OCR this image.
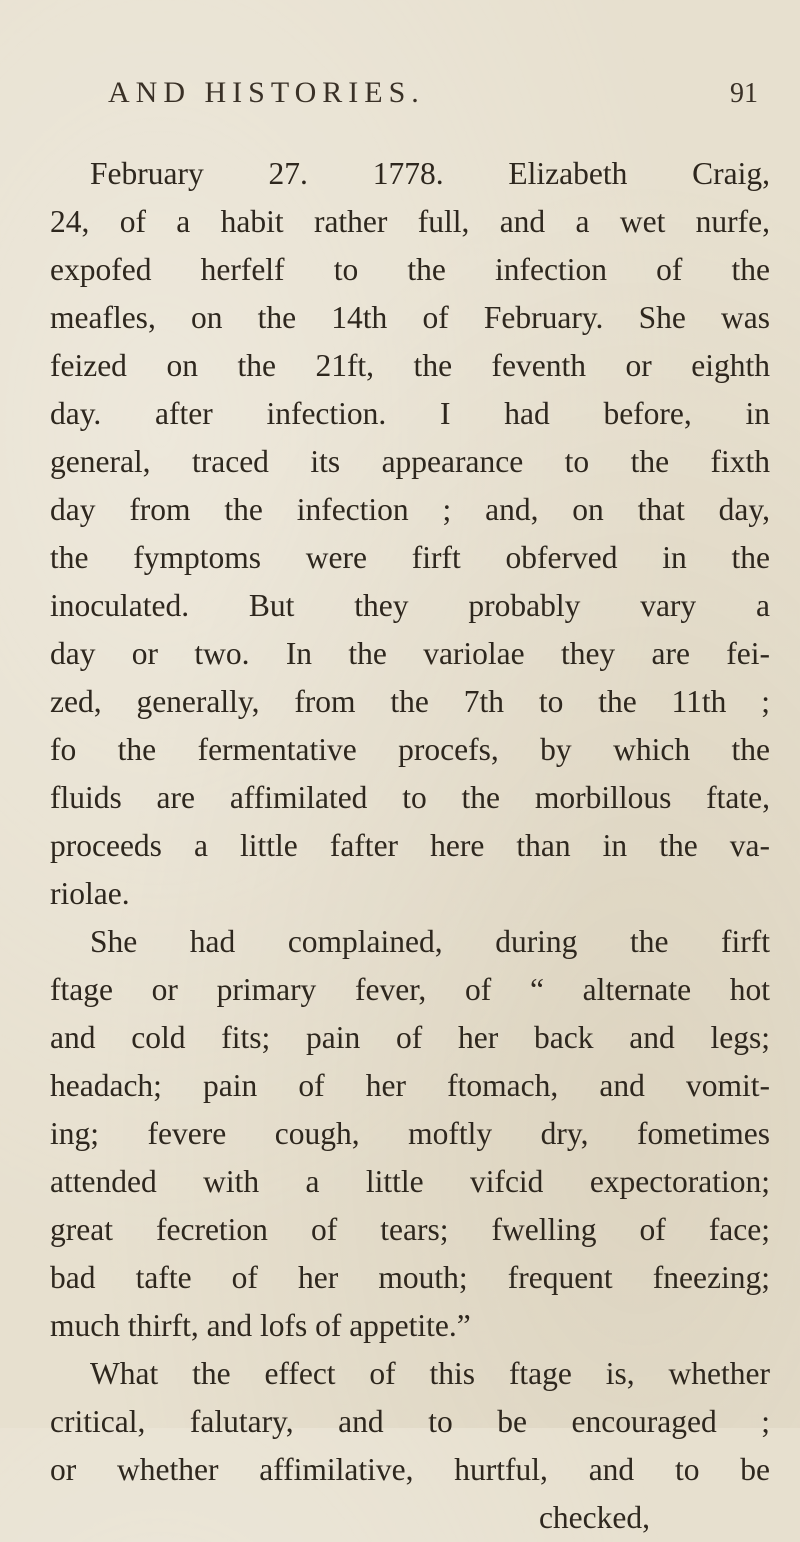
AND HISTORIES.	91
February 27. 1778. Elizabeth Craig,
24, of a habit rather full, and a wet nurfe,
expofed herfelf to the infection of the
meafles, on the 14th of February. She was
feized on the 21ft, the feventh or eighth
day. after infection. I had before, in
general, traced its appearance to the fixth
day from the infection ; and, on that day,
the fymptoms were firft obferved in the
inoculated. But they probably vary a
day or two. In the variolae they are fei-
zed, generally, from the 7th to the 11th ;
fo the fermentative procefs, by which the
fluids are affimilated to the morbillous ftate,
proceeds a little fafter here than in the va-
riolae.
She had complained, during the firft
ftage or primary fever, of “ alternate hot
and cold fits; pain of her back and legs;
headach; pain of her ftomach, and vomit-
ing; fevere cough, moftly dry, fometimes
attended with a little vifcid expectoration;
great fecretion of tears; fwelling of face;
bad tafte of her mouth; frequent fneezing;
much thirft, and lofs of appetite.”
What the effect of this ftage is, whether
critical, falutary, and to be encouraged ;
or whether affimilative, hurtful, and to be
checked,
